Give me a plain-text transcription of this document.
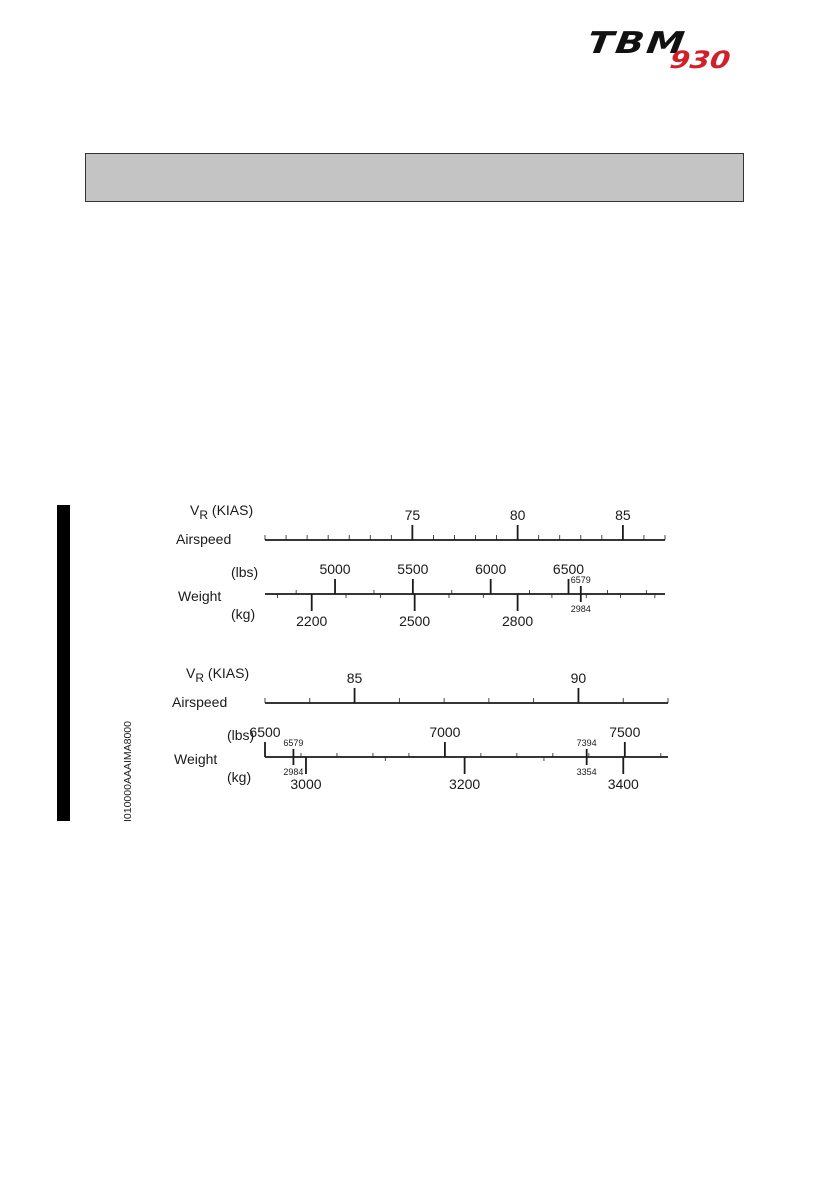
TBM
930
I010000AAAIMA8000
VR (KIAS)
Airspeed
Weight
(lbs)
(kg)
75	80	85
5000	5500	6000	6500
2200	2500	2800
6579
2984
VR (KIAS)
Airspeed
Weight
(lbs)
(kg)
85	90
6500	7000	7500
3000	3200	3400
6579
2984
7394
3354
